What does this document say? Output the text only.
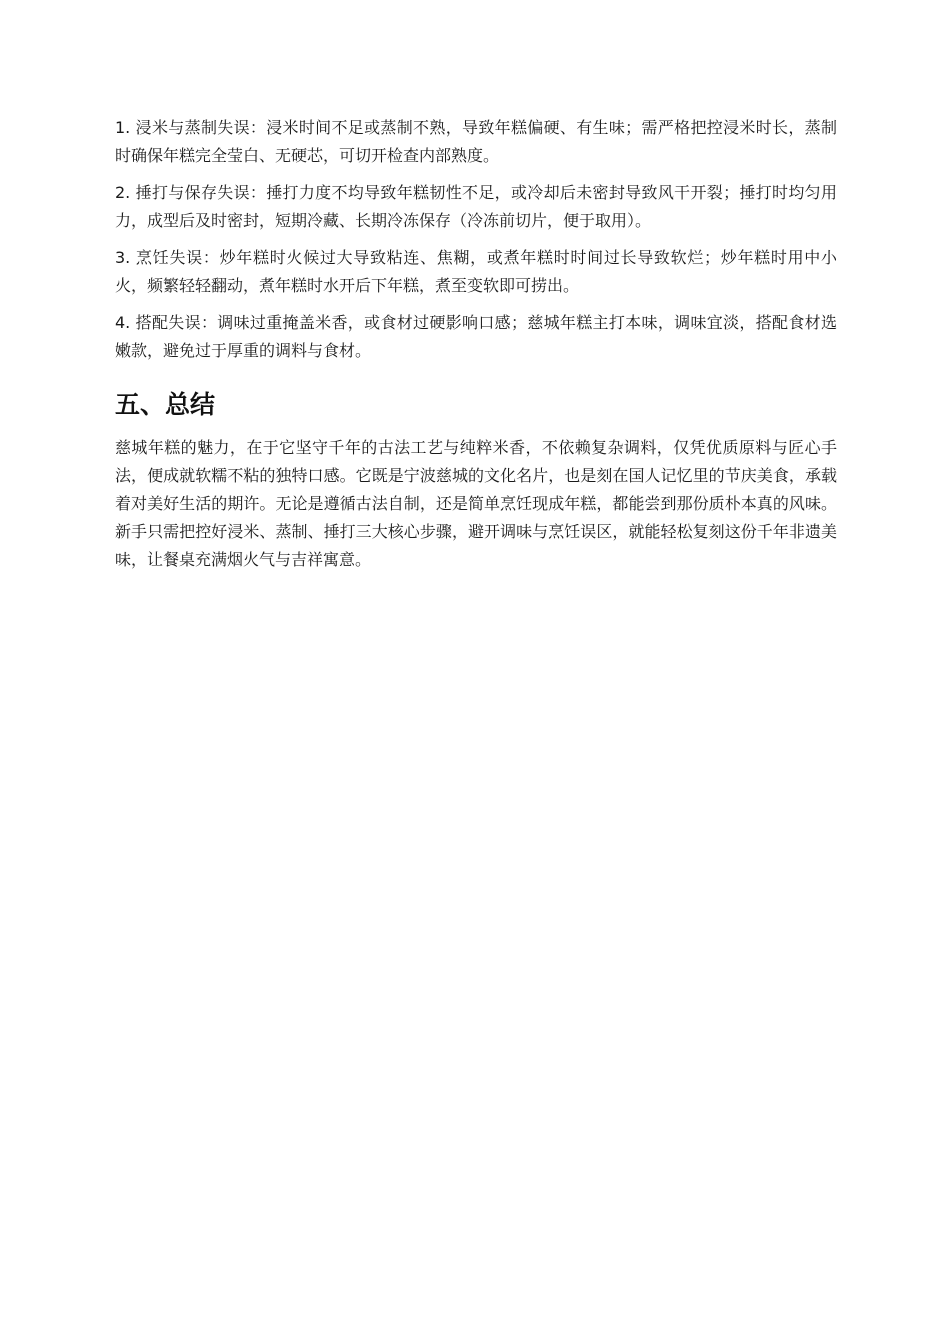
1. 浸米与蒸制失误：浸米时间不足或蒸制不熟，导致年糕偏硬、有生味；需严格把控浸米时长，蒸制时确保年糕完全莹白、无硬芯，可切开检查内部熟度。

2. 捶打与保存失误：捶打力度不均导致年糕韧性不足，或冷却后未密封导致风干开裂；捶打时均匀用力，成型后及时密封，短期冷藏、长期冷冻保存（冷冻前切片，便于取用）。

3. 烹饪失误：炒年糕时火候过大导致粘连、焦糊，或煮年糕时时间过长导致软烂；炒年糕时用中小火，频繁轻轻翻动，煮年糕时水开后下年糕，煮至变软即可捞出。

4. 搭配失误：调味过重掩盖米香，或食材过硬影响口感；慈城年糕主打本味，调味宜淡，搭配食材选嫩款，避免过于厚重的调料与食材。

五、总结

慈城年糕的魅力，在于它坚守千年的古法工艺与纯粹米香，不依赖复杂调料，仅凭优质原料与匠心手法，便成就软糯不粘的独特口感。它既是宁波慈城的文化名片，也是刻在国人记忆里的节庆美食，承载着对美好生活的期许。无论是遵循古法自制，还是简单烹饪现成年糕，都能尝到那份质朴本真的风味。新手只需把控好浸米、蒸制、捶打三大核心步骤，避开调味与烹饪误区，就能轻松复刻这份千年非遗美味，让餐桌充满烟火气与吉祥寓意。
